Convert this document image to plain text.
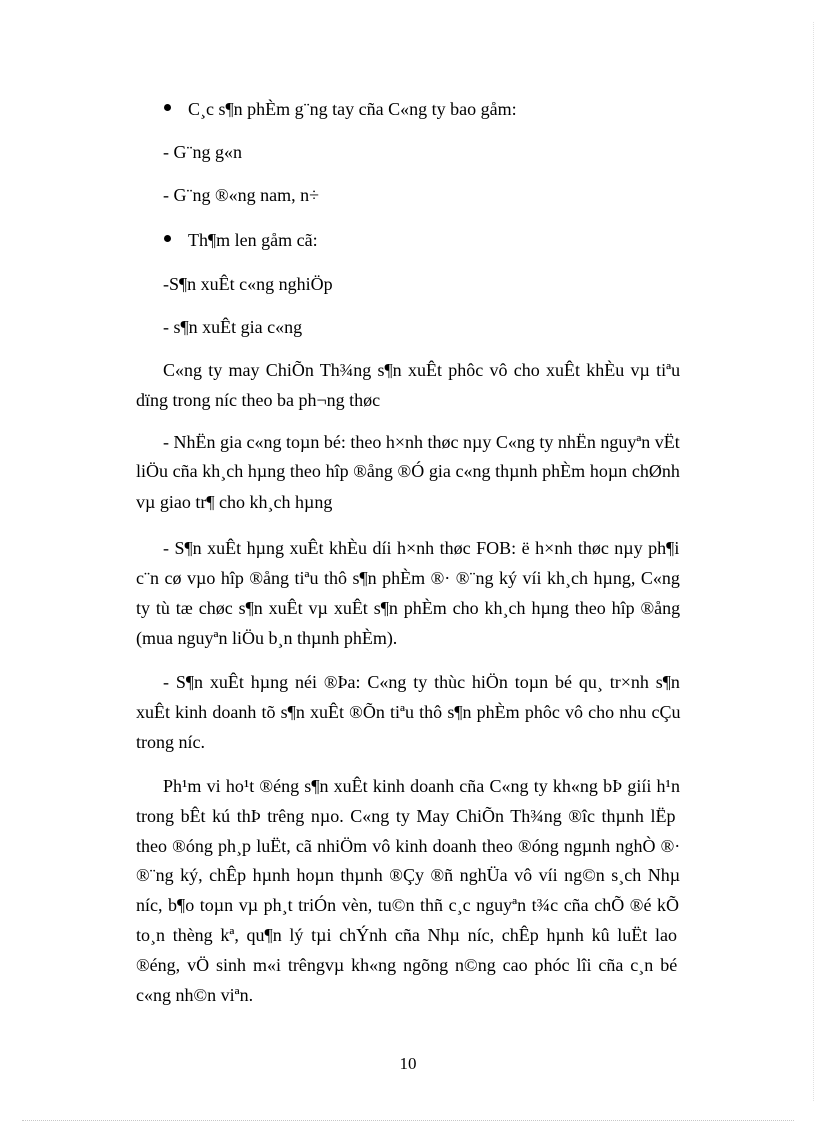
C¸c s¶n phÈm g¨ng tay cña C«ng ty bao gåm:
- G¨ng g«n
- G¨ng ®«ng nam, n÷
Th¶m len gåm cã:
-S¶n xuÊt c«ng nghiÖp
- s¶n xuÊt gia c«ng
C«ng ty may ChiÕn Th¾ng s¶n xuÊt phôc vô cho xuÊt khÈu vµ tiªu
dïng trong níc theo ba ph¬ng thøc
- NhËn gia c«ng toµn bé: theo h×nh thøc nµy C«ng ty nhËn nguyªn vËt
liÖu cña kh¸ch hµng theo hîp ®ång ®Ó gia c«ng thµnh phÈm hoµn chØnh
vµ giao tr¶ cho kh¸ch hµng
- S¶n xuÊt hµng xuÊt khÈu díi h×nh thøc FOB: ë h×nh thøc nµy ph¶i
c¨n cø vµo hîp ®ång tiªu thô s¶n phÈm ®· ®¨ng ký víi kh¸ch hµng, C«ng
ty tù tæ chøc s¶n xuÊt vµ xuÊt s¶n phÈm cho kh¸ch hµng theo hîp ®ång
(mua nguyªn liÖu b¸n thµnh phÈm).
- S¶n xuÊt hµng néi ®Þa: C«ng ty thùc hiÖn toµn bé qu¸ tr×nh s¶n
xuÊt kinh doanh tõ s¶n xuÊt ®Õn tiªu thô s¶n phÈm phôc vô cho nhu cÇu
trong níc.
Ph¹m vi ho¹t ®éng s¶n xuÊt kinh doanh cña C«ng ty kh«ng bÞ giíi h¹n
trong bÊt kú thÞ trêng nµo. C«ng ty May ChiÕn Th¾ng ®îc thµnh lËp
theo ®óng ph¸p luËt, cã nhiÖm vô kinh doanh theo ®óng ngµnh nghÒ ®·
®¨ng ký, chÊp hµnh hoµn thµnh ®Çy ®ñ nghÜa vô víi ng©n s¸ch Nhµ
níc, b¶o toµn vµ ph¸t triÓn vèn, tu©n thñ c¸c nguyªn t¾c cña chÕ ®é kÕ
to¸n thèng kª, qu¶n lý tµi chÝnh cña Nhµ níc, chÊp hµnh kû luËt lao
®éng, vÖ sinh m«i trêngvµ kh«ng ngõng n©ng cao phóc lîi cña c¸n bé
c«ng nh©n viªn.
10
